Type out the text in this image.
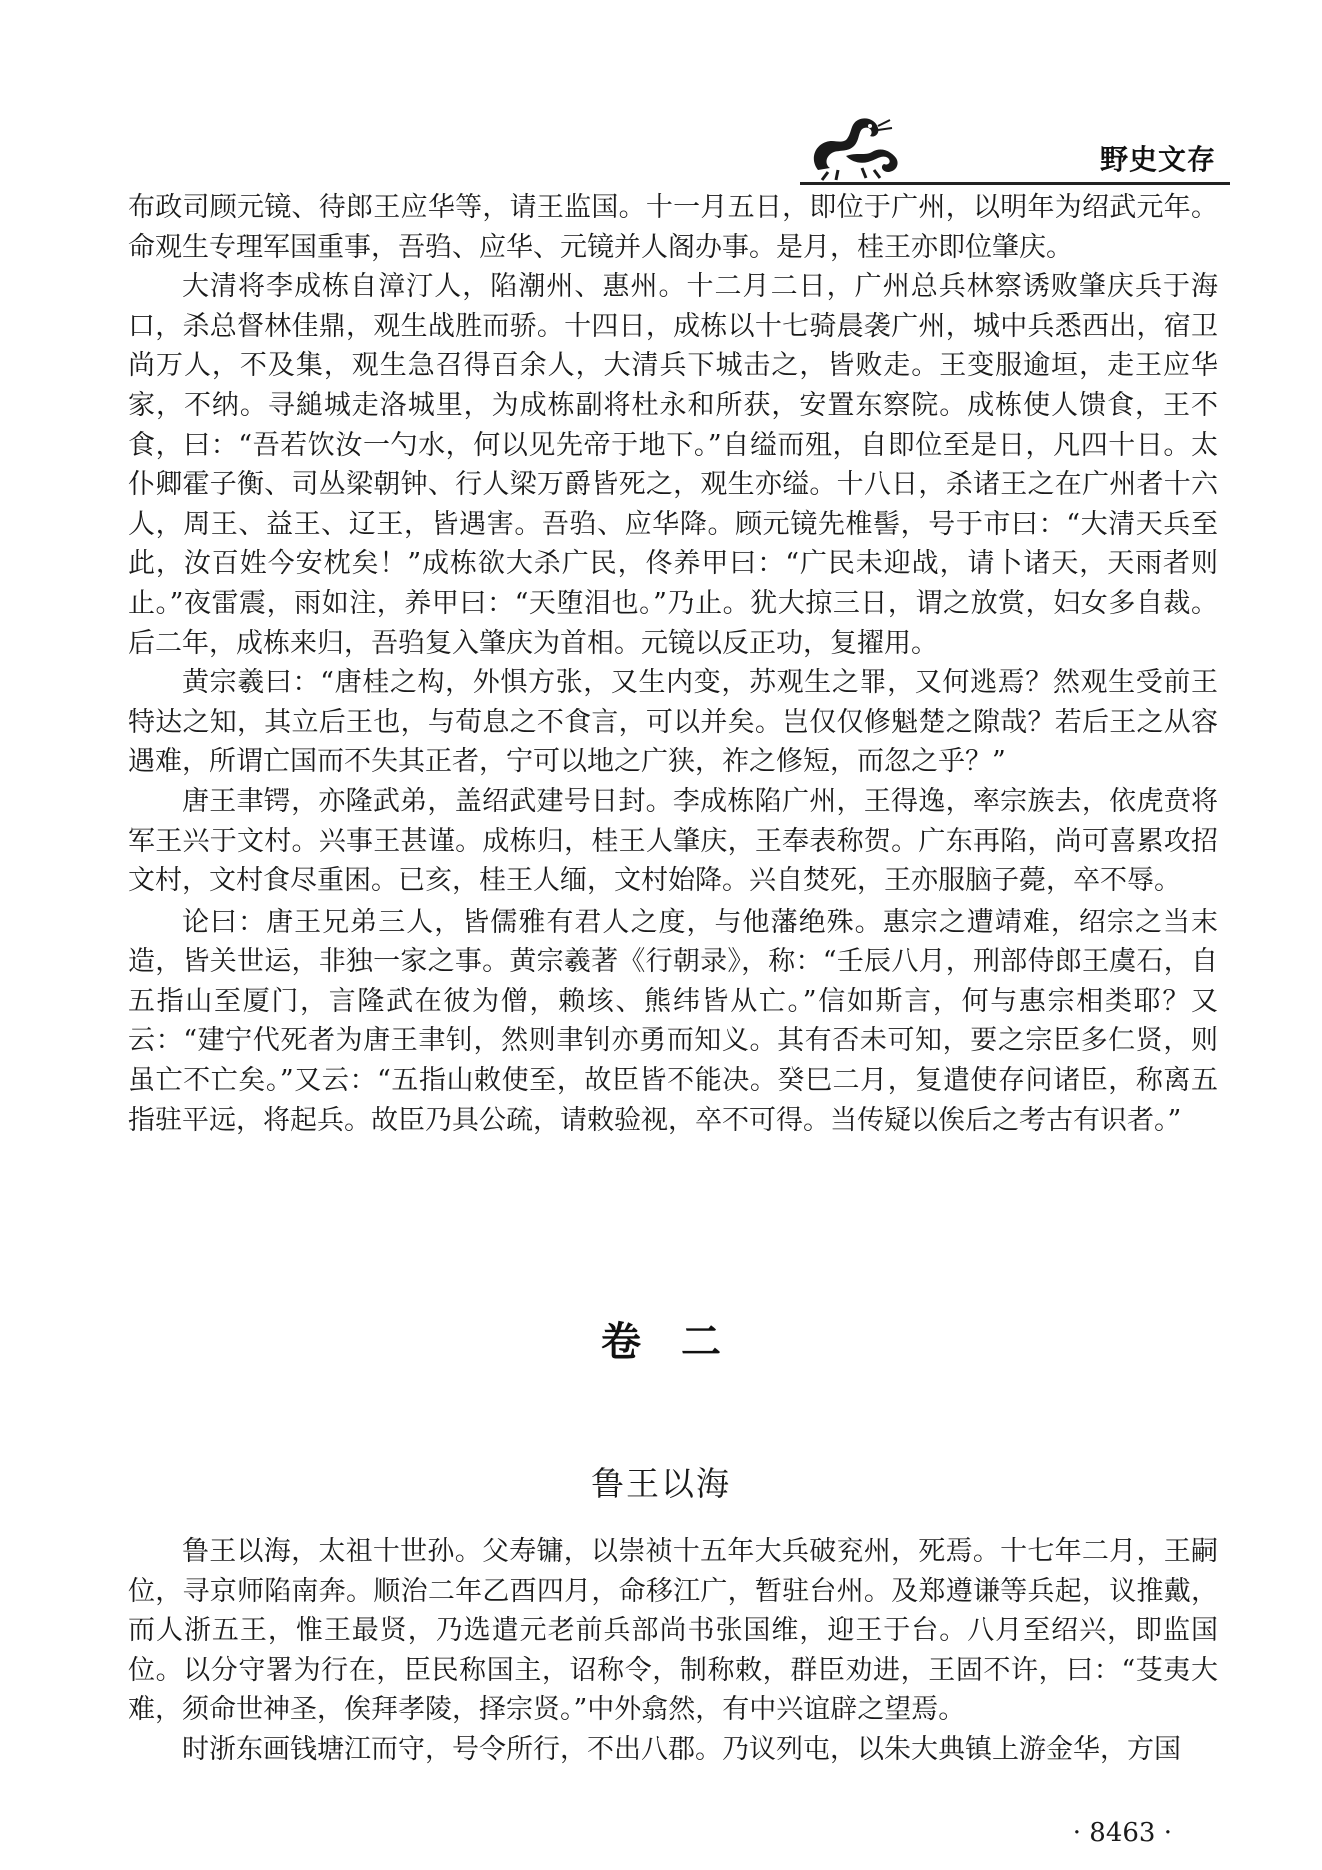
野史文存

布政司顾元镜、待郎王应华等，请王监国。十一月五日，即位于广州，以明年为绍武元年。命观生专理军国重事，吾驺、应华、元镜并人阁办事。是月，桂王亦即位肇庆。

大清将李成栋自漳汀人，陷潮州、惠州。十二月二日，广州总兵林察诱败肇庆兵于海口，杀总督林佳鼎，观生战胜而骄。十四日，成栋以十七骑晨袭广州，城中兵悉西出，宿卫尚万人，不及集，观生急召得百余人，大清兵下城击之，皆败走。王变服逾垣，走王应华家，不纳。寻縋城走洛城里，为成栋副将杜永和所获，安置东察院。成栋使人馈食，王不食，曰：“吾若饮汝一勺水，何以见先帝于地下。”自缢而殂，自即位至是日，凡四十日。太仆卿霍子衡、司丛梁朝钟、行人梁万爵皆死之，观生亦缢。十八日，杀诸王之在广州者十六人，周王、益王、辽王，皆遇害。吾驺、应华降。顾元镜先椎髻，号于市曰：“大清天兵至此，汝百姓今安枕矣！”成栋欲大杀广民，佟养甲曰：“广民未迎战，请卜诸天，天雨者则止。”夜雷震，雨如注，养甲曰：“天堕泪也。”乃止。犹大掠三日，谓之放赏，妇女多自裁。后二年，成栋来归，吾驺复入肇庆为首相。元镜以反正功，复擢用。

黄宗羲曰：“唐桂之构，外惧方张，又生内变，苏观生之罪，又何逃焉？然观生受前王特达之知，其立后王也，与荀息之不食言，可以并矣。岂仅仅修魁楚之隙哉？若后王之从容遇难，所谓亡国而不失其正者，宁可以地之广狭，祚之修短，而忽之乎？”

唐王聿锷，亦隆武弟，盖绍武建号日封。李成栋陷广州，王得逸，率宗族去，依虎贲将军王兴于文村。兴事王甚谨。成栋归，桂王人肇庆，王奉表称贺。广东再陷，尚可喜累攻招文村，文村食尽重困。已亥，桂王人缅，文村始降。兴自焚死，王亦服脑子薨，卒不辱。

论曰：唐王兄弟三人，皆儒雅有君人之度，与他藩绝殊。惠宗之遭靖难，绍宗之当末造，皆关世运，非独一家之事。黄宗羲著《行朝录》，称：“壬辰八月，刑部侍郎王虞石，自五指山至厦门，言隆武在彼为僧，赖垓、熊纬皆从亡。”信如斯言，何与惠宗相类耶？又云：“建宁代死者为唐王聿钊，然则聿钊亦勇而知义。其有否未可知，要之宗臣多仁贤，则虽亡不亡矣。”又云：“五指山敕使至，故臣皆不能决。癸巳二月，复遣使存问诸臣，称离五指驻平远，将起兵。故臣乃具公疏，请敕验视，卒不可得。当传疑以俟后之考古有识者。”

卷二
鲁王以海

鲁王以海，太祖十世孙。父寿镛，以崇祯十五年大兵破兖州，死焉。十七年二月，王嗣位，寻京师陷南奔。顺治二年乙酉四月，命移江广，暂驻台州。及郑遵谦等兵起，议推戴，而人浙五王，惟王最贤，乃选遣元老前兵部尚书张国维，迎王于台。八月至绍兴，即监国位。以分守署为行在，臣民称国主，诏称令，制称敕，群臣劝进，王固不许，曰：“芟夷大难，须命世神圣，俟拜孝陵，择宗贤。”中外翕然，有中兴谊辟之望焉。

时浙东画钱塘江而守，号令所行，不出八郡。乃议列屯，以朱大典镇上游金华，方国

· 8463 ·
